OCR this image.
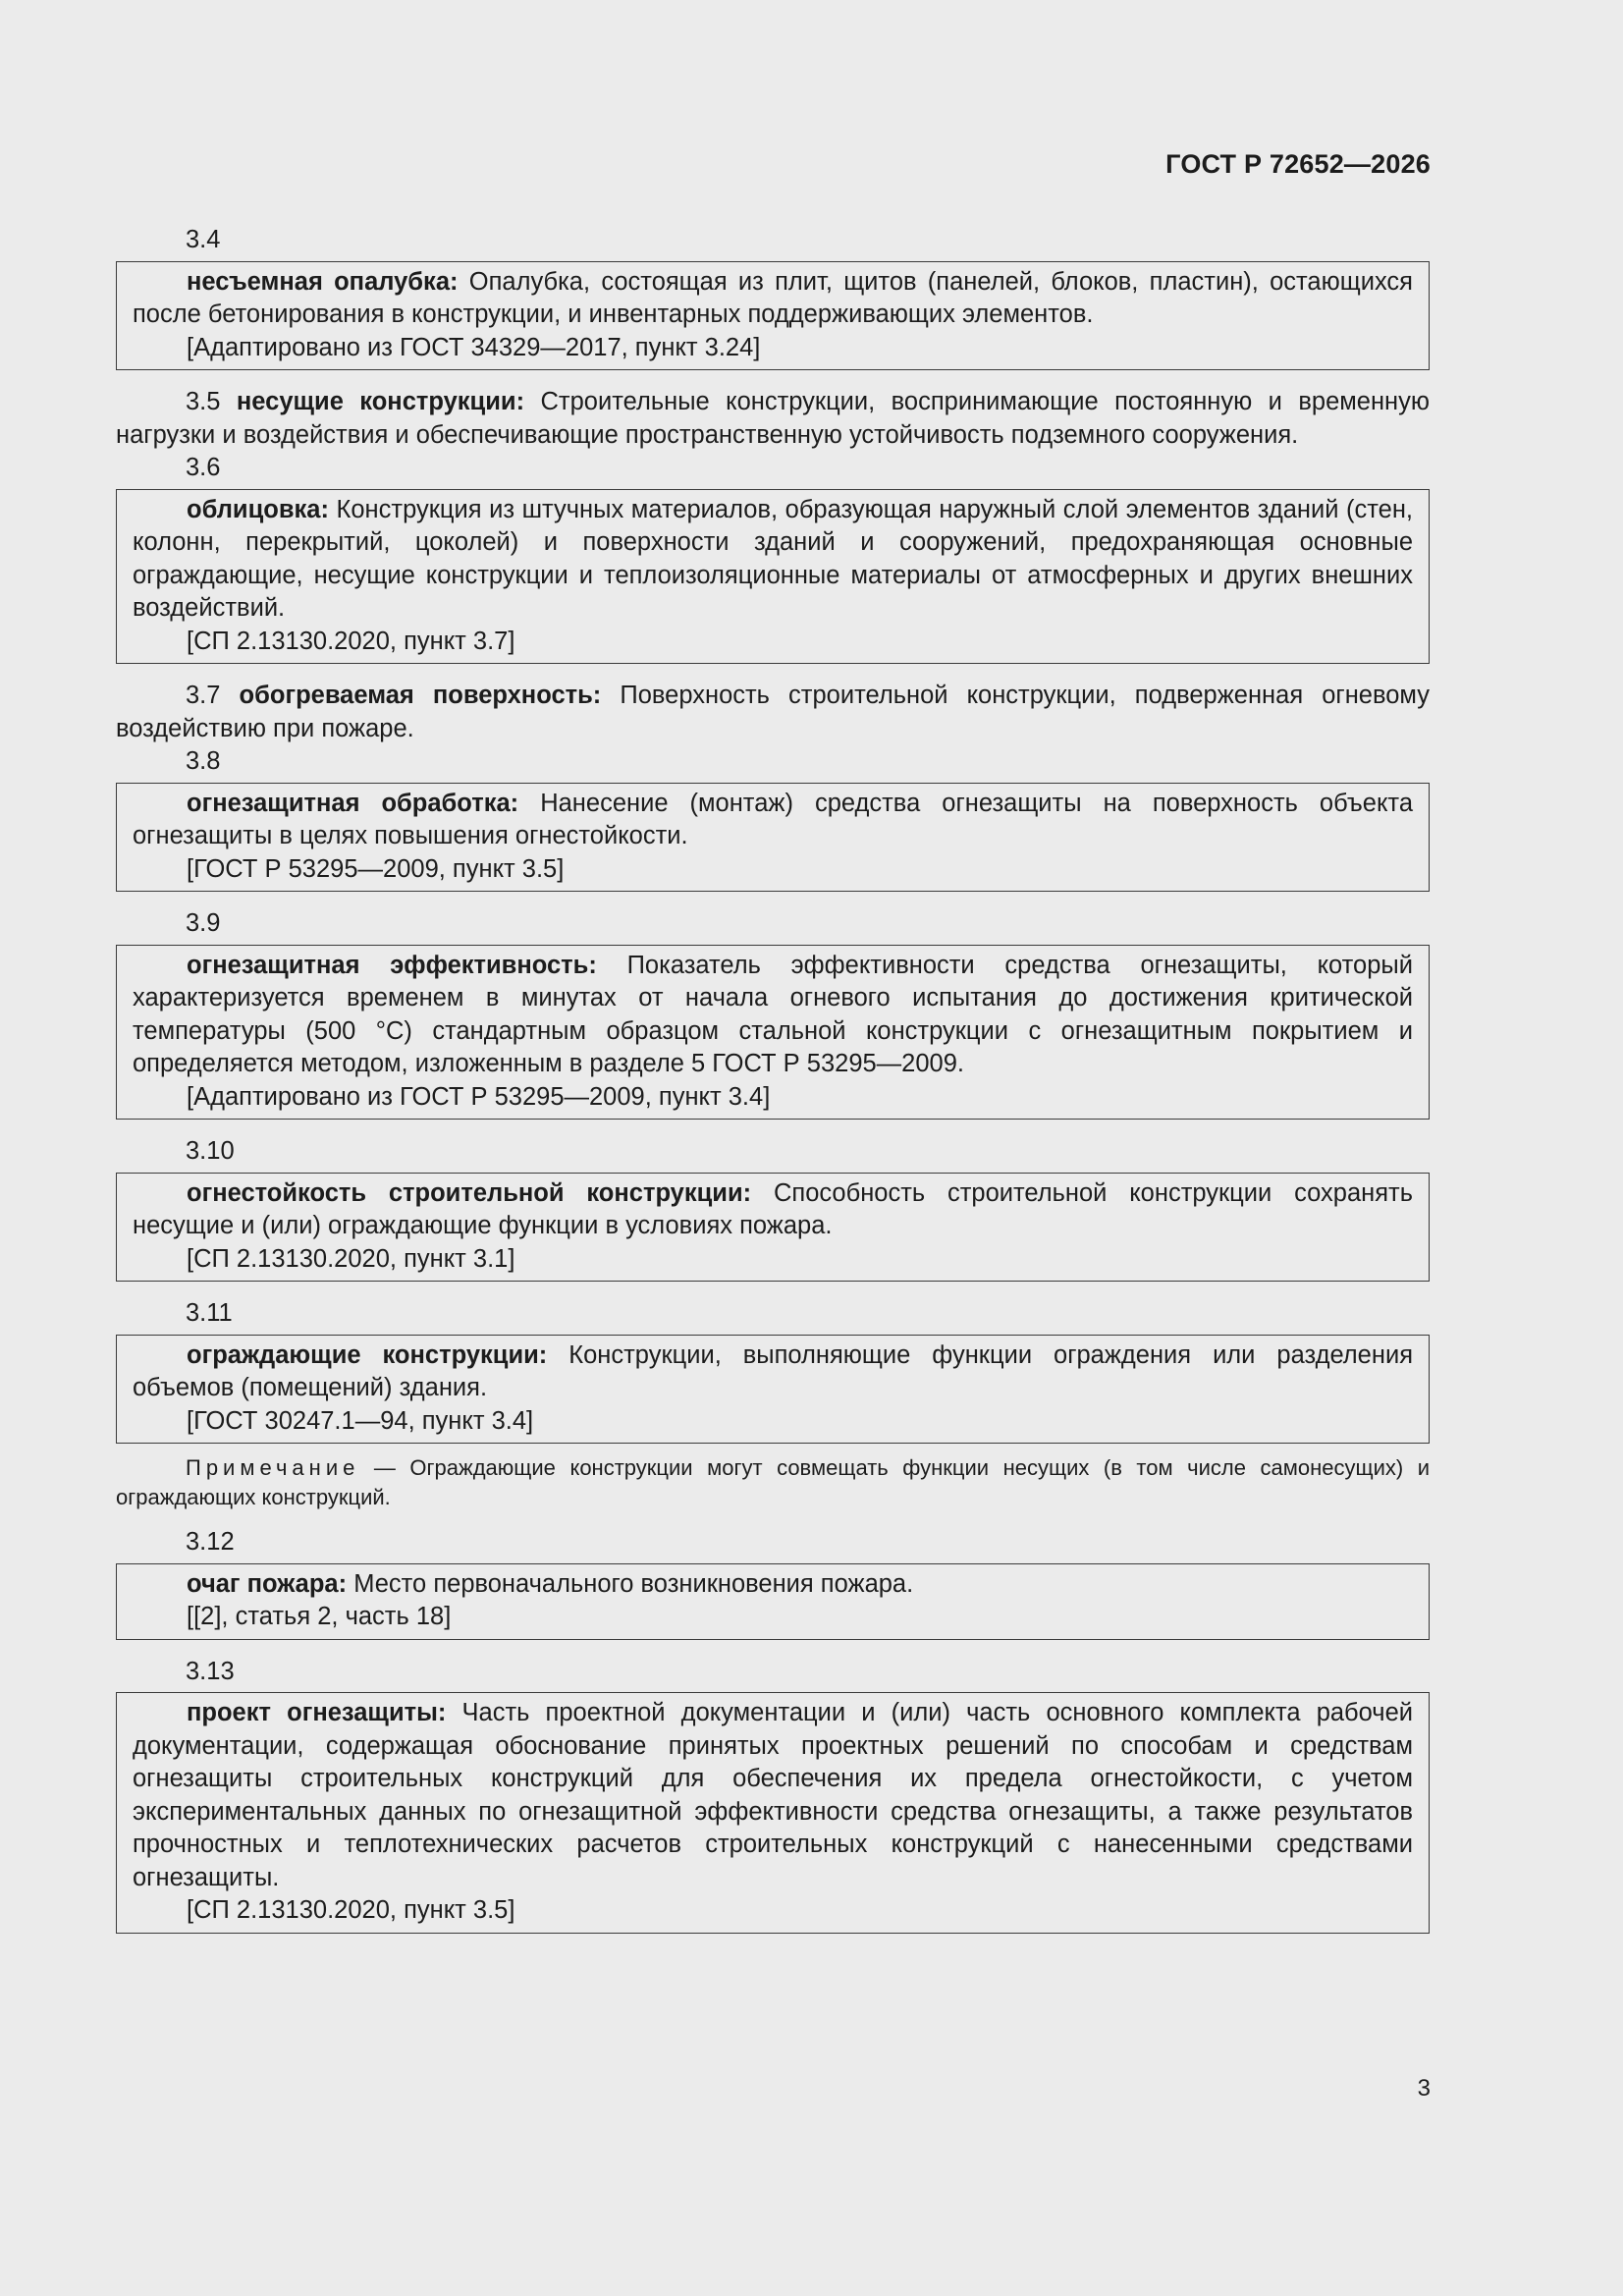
ГОСТ Р 72652—2026
3.4

несъемная опалубка: Опалубка, состоящая из плит, щитов (панелей, блоков, пластин), остающихся после бетонирования в конструкции, и инвентарных поддерживающих элементов.

[Адаптировано из ГОСТ 34329—2017, пункт 3.24]

3.5 несущие конструкции: Строительные конструкции, воспринимающие постоянную и временную нагрузки и воздействия и обеспечивающие пространственную устойчивость подземного сооружения.

3.6

облицовка: Конструкция из штучных материалов, образующая наружный слой элементов зданий (стен, колонн, перекрытий, цоколей) и поверхности зданий и сооружений, предохраняющая основные ограждающие, несущие конструкции и теплоизоляционные материалы от атмосферных и других внешних воздействий.

[СП 2.13130.2020, пункт 3.7]

3.7 обогреваемая поверхность: Поверхность строительной конструкции, подверженная огневому воздействию при пожаре.

3.8

огнезащитная обработка: Нанесение (монтаж) средства огнезащиты на поверхность объекта огнезащиты в целях повышения огнестойкости.

[ГОСТ Р 53295—2009, пункт 3.5]

3.9

огнезащитная эффективность: Показатель эффективности средства огнезащиты, который характеризуется временем в минутах от начала огневого испытания до достижения критической температуры (500 °С) стандартным образцом стальной конструкции с огнезащитным покрытием и определяется методом, изложенным в разделе 5 ГОСТ Р 53295—2009.

[Адаптировано из ГОСТ Р 53295—2009, пункт 3.4]

3.10

огнестойкость строительной конструкции: Способность строительной конструкции сохранять несущие и (или) ограждающие функции в условиях пожара.

[СП 2.13130.2020, пункт 3.1]

3.11

ограждающие конструкции: Конструкции, выполняющие функции ограждения или разделения объемов (помещений) здания.

[ГОСТ 30247.1—94, пункт 3.4]

Примечание — Ограждающие конструкции могут совмещать функции несущих (в том числе самонесущих) и ограждающих конструкций.

3.12

очаг пожара: Место первоначального возникновения пожара.

[[2], статья 2, часть 18]

3.13

проект огнезащиты: Часть проектной документации и (или) часть основного комплекта рабочей документации, содержащая обоснование принятых проектных решений по способам и средствам огнезащиты строительных конструкций для обеспечения их предела огнестойкости, с учетом экспериментальных данных по огнезащитной эффективности средства огнезащиты, а также результатов прочностных и теплотехнических расчетов строительных конструкций с нанесенными средствами огнезащиты.

[СП 2.13130.2020, пункт 3.5]

3
